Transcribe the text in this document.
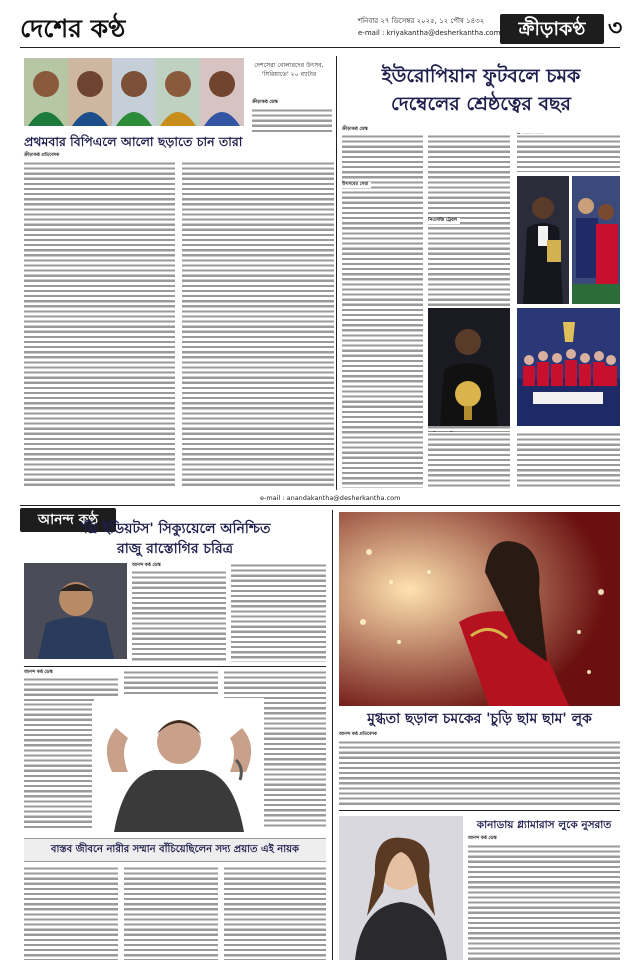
দেশের কণ্ঠ	শনিবার ২৭ ডিসেম্বর ২০২৫, ১২ পৌষ ১৪৩২
e-mail : kriyakantha@desherkantha.com ক্রীড়াকণ্ঠ	৩
দেশসেরা বোলারদের উৎসব, 'সিরিয়াতে' ২০ ব্যাটার
প্রথমবার বিপিএলে আলো ছড়াতে চান তারা
ক্রীড়াকণ্ঠ প্রতিবেদক
ক্রীড়াকণ্ঠ ডেস্ক
ইউরোপিয়ান ফুটবলে চমক
দেম্বেলের শ্রেষ্ঠত্বের বছর
ক্রীড়াকণ্ঠ ডেস্ক
উৎসবের সেরা
পিএসজি ট্রেবল
e-mail : anandakantha@desherkantha.com
আনন্দ কণ্ঠ
'থ্রি ইডিয়টস' সিক্যুয়েলে অনিশ্চিত
রাজু রাস্তোগির চরিত্র
আনন্দ কণ্ঠ ডেস্ক
আনন্দ কণ্ঠ ডেস্ক
বাস্তব জীবনে নারীর সম্মান বাঁচিয়েছিলেন সদ্য প্রয়াত এই নায়ক
মুগ্ধতা ছড়াল চমকের 'চুড়ি ছাম ছাম' লুক
আনন্দ কণ্ঠ প্রতিবেদক
কানাডায় গ্ল্যামারাস লুকে নুসরাত
আনন্দ কণ্ঠ ডেস্ক
